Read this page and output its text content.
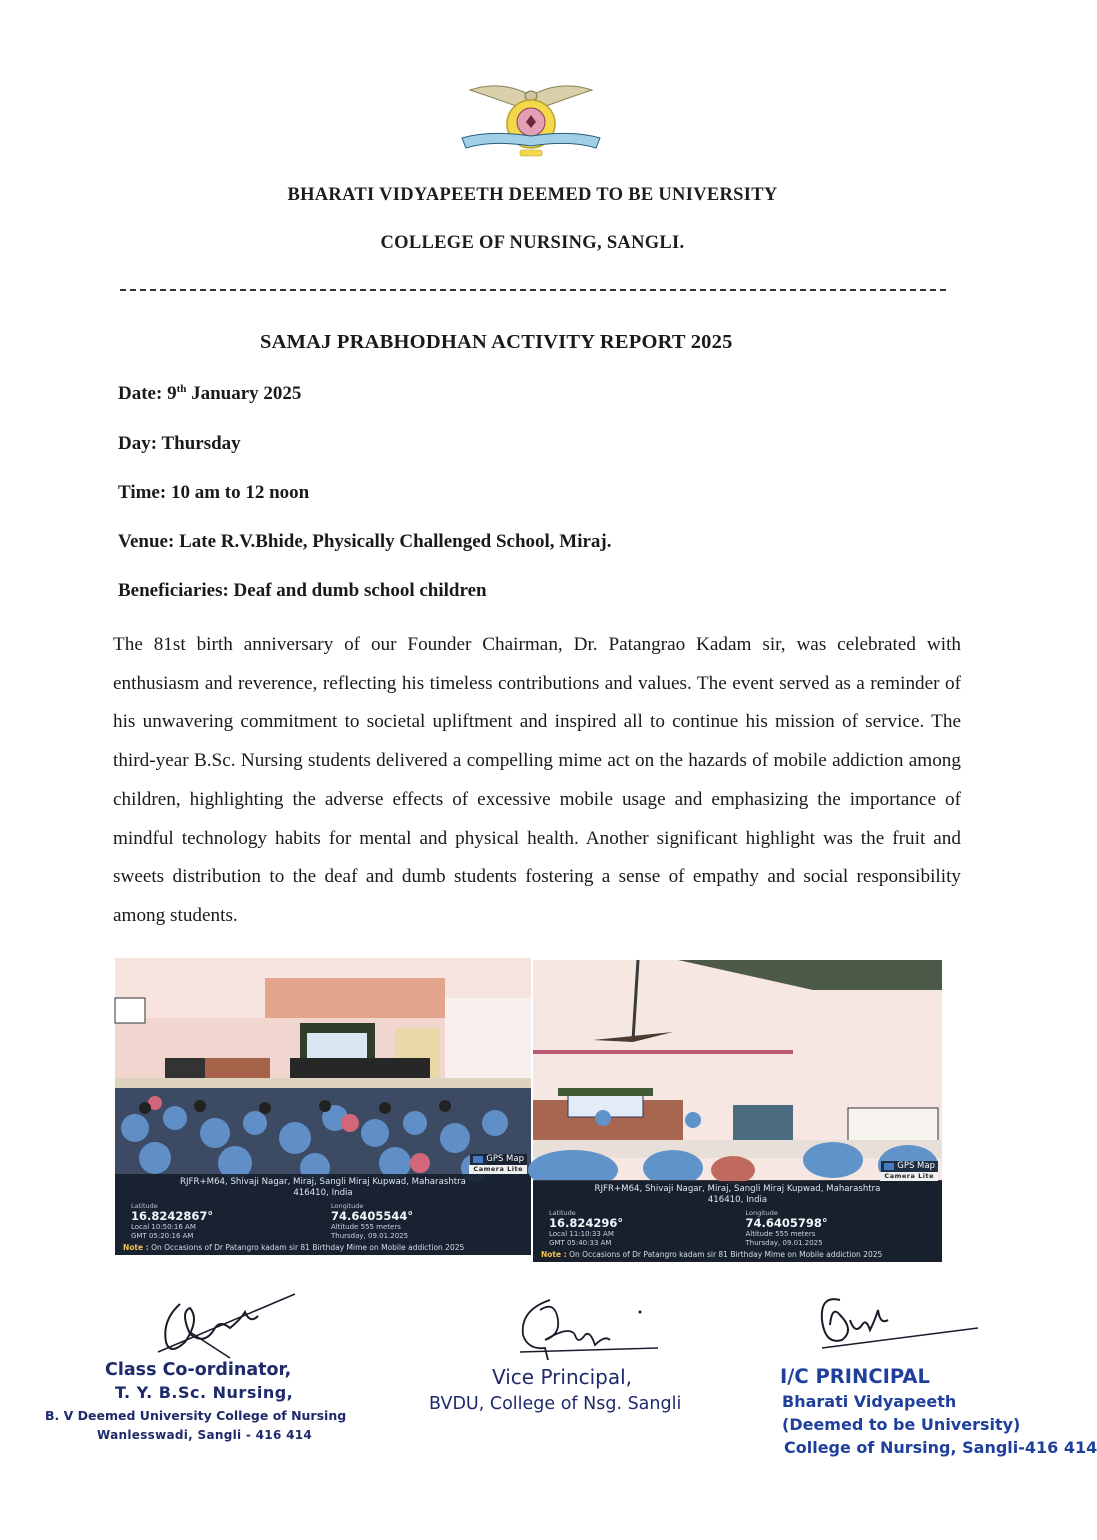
BHARATI VIDYAPEETH DEEMED TO BE UNIVERSITY
COLLEGE OF NURSING, SANGLI.
SAMAJ PRABHODHAN ACTIVITY REPORT 2025
Date: 9th January 2025
Day: Thursday
Time: 10 am to 12 noon
Venue: Late R.V.Bhide, Physically Challenged School, Miraj.
Beneficiaries: Deaf and dumb school children

The 81st birth anniversary of our Founder Chairman, Dr. Patangrao Kadam sir, was celebrated with enthusiasm and reverence, reflecting his timeless contributions and values. The event served as a reminder of his unwavering commitment to societal upliftment and inspired all to continue his mission of service. The third-year B.Sc. Nursing students delivered a compelling mime act on the hazards of mobile addiction among children, highlighting the adverse effects of excessive mobile usage and emphasizing the importance of mindful technology habits for mental and physical health. Another significant highlight was the fruit and sweets distribution to the deaf and dumb students fostering a sense of empathy and social responsibility among students.

GPS Map
Camera Lite
RJFR+M64, Shivaji Nagar, Miraj, Sangli Miraj Kupwad, Maharashtra
416410, India
Latitude
16.8242867°
Local 10:50:16 AM
GMT 05:20:16 AM
Longitude
74.6405544°
Altitude 555 meters
Thursday, 09.01.2025
Note : On Occasions of Dr Patangro kadam sir 81 Birthday Mime on Mobile addiction 2025
GPS Map
Camera Lite
RJFR+M64, Shivaji Nagar, Miraj, Sangli Miraj Kupwad, Maharashtra
416410, India
Latitude
16.824296°
Local 11:10:33 AM
GMT 05:40:33 AM
Longitude
74.6405798°
Altitude 555 meters
Thursday, 09.01.2025
Note : On Occasions of Dr Patangro kadam sir 81 Birthday Mime on Mobile addiction 2025
Class Co-ordinator,
T. Y. B.Sc. Nursing,
B. V Deemed University College of Nursing
Wanlesswadi, Sangli - 416 414
Vice Principal,
BVDU, College of Nsg. Sangli
I/C PRINCIPAL
Bharati Vidyapeeth
(Deemed to be University)
College of Nursing, Sangli-416 414
